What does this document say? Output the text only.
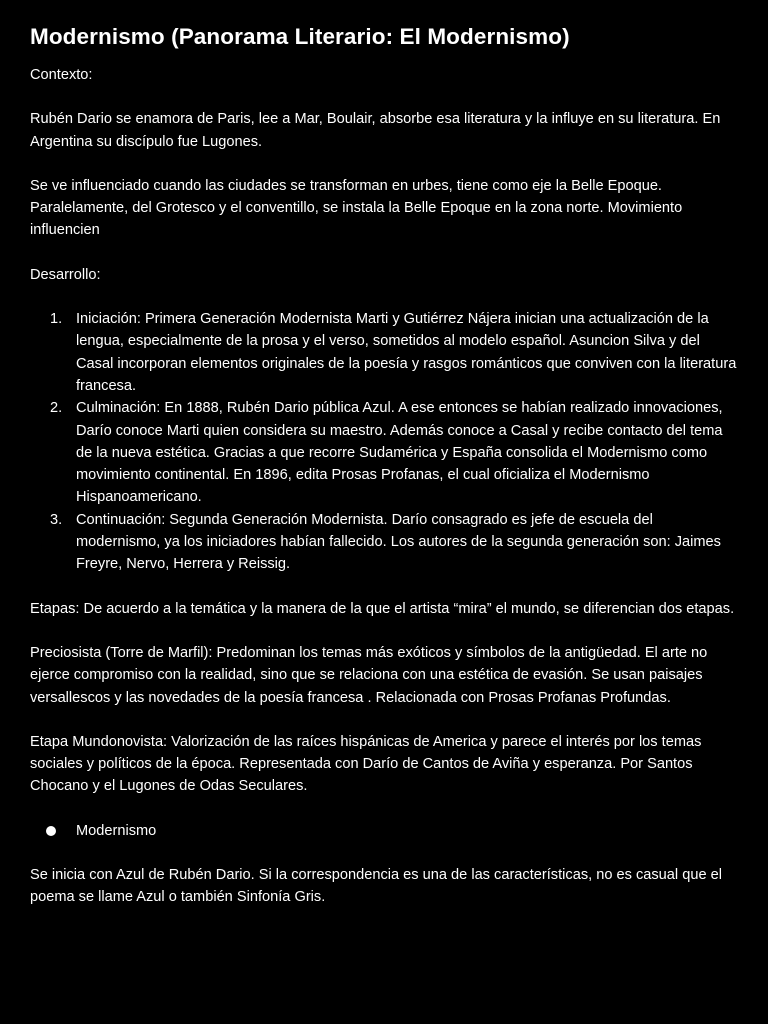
Modernismo (Panorama Literario: El Modernismo)

Contexto:

Rubén Dario se enamora de Paris, lee a Mar, Boulair, absorbe esa literatura y la influye en su literatura. En Argentina su discípulo fue Lugones.

Se ve influenciado cuando las ciudades se transforman en urbes, tiene como eje la Belle Epoque. Paralelamente, del Grotesco y el conventillo, se instala la Belle Epoque en la zona norte. Movimiento influencien

Desarrollo:

1. Iniciación: Primera Generación Modernista Marti y Gutiérrez Nájera inician una actualización de la lengua, especialmente de la prosa y el verso, sometidos al modelo español. Asuncion Silva y del Casal incorporan elementos originales de la poesía y rasgos románticos que conviven con la literatura francesa.
2. Culminación: En 1888, Rubén Dario pública Azul. A ese entonces se habían realizado innovaciones, Darío conoce Marti quien considera su maestro. Además conoce a Casal y recibe contacto del tema de la nueva estética. Gracias a que recorre Sudamérica y España consolida el Modernismo como movimiento continental. En 1896, edita Prosas Profanas, el cual oficializa el Modernismo Hispanoamericano.
3. Continuación: Segunda Generación Modernista. Darío consagrado es jefe de escuela del modernismo, ya los iniciadores habían fallecido. Los autores de la segunda generación son: Jaimes Freyre, Nervo, Herrera y Reissig.

Etapas: De acuerdo a la temática y la manera de la que el artista “mira” el mundo, se diferencian dos etapas.

Preciosista (Torre de Marfil): Predominan los temas más exóticos y símbolos de la antigüedad. El arte no ejerce compromiso con la realidad, sino que se relaciona con una estética de evasión. Se usan paisajes versallescos y las novedades de la poesía francesa . Relacionada con Prosas Profanas Profundas.

Etapa Mundonovista: Valorización de las raíces hispánicas de America y parece el interés por los temas sociales y políticos de la época. Representada con Darío de Cantos de Aviña y esperanza. Por Santos Chocano y el Lugones de Odas Seculares.

Modernismo

Se inicia con Azul de Rubén Dario. Si la correspondencia es una de las características, no es casual que el poema se llame Azul o también Sinfonía Gris.
